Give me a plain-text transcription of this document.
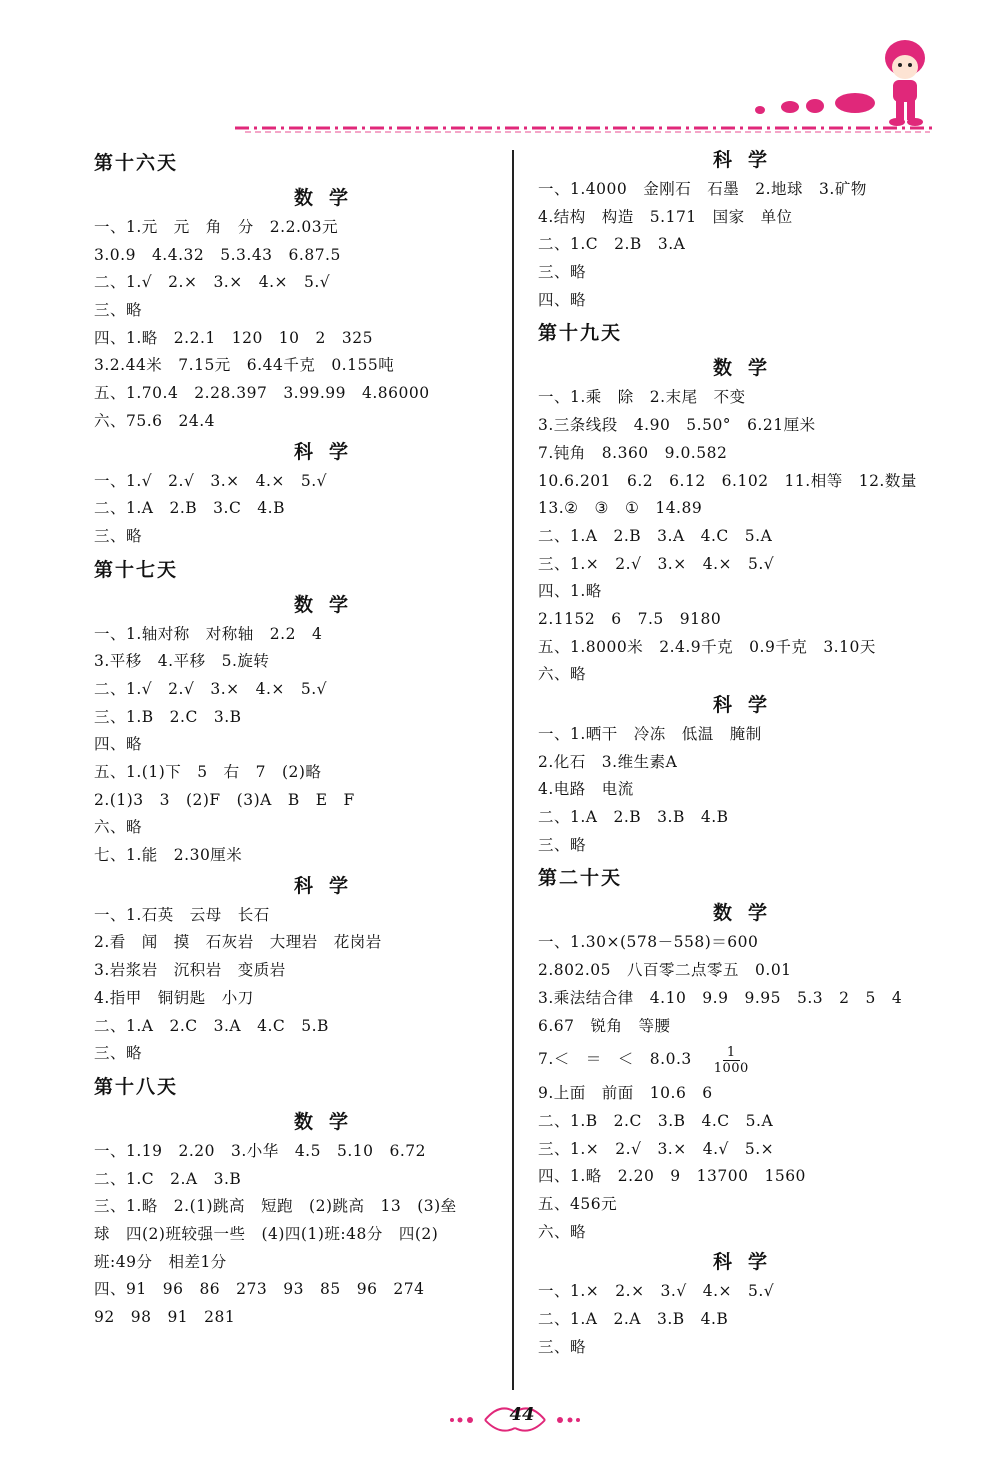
第十六天
数学
一、1.元　元　角　分　2.2.03元
3.0.9　4.4.32　5.3.43　6.87.5
二、1.√　2.×　3.×　4.×　5.√
三、略
四、1.略　2.2.1　120　10　2　325
3.2.44米　7.15元　6.44千克　0.155吨
五、1.70.4　2.28.397　3.99.99　4.86000
六、75.6　24.4
科学
一、1.√　2.√　3.×　4.×　5.√
二、1.A　2.B　3.C　4.B
三、略
第十七天
数学
一、1.轴对称　对称轴　2.2　4
3.平移　4.平移　5.旋转
二、1.√　2.√　3.×　4.×　5.√
三、1.B　2.C　3.B
四、略
五、1.(1)下　5　右　7　(2)略
2.(1)3　3　(2)F　(3)A　B　E　F
六、略
七、1.能　2.30厘米
科学
一、1.石英　云母　长石
2.看　闻　摸　石灰岩　大理岩　花岗岩
3.岩浆岩　沉积岩　变质岩
4.指甲　铜钥匙　小刀
二、1.A　2.C　3.A　4.C　5.B
三、略
第十八天
数学
一、1.19　2.20　3.小华　4.5　5.10　6.72
二、1.C　2.A　3.B
三、1.略　2.(1)跳高　短跑　(2)跳高　13　(3)垒
球　四(2)班较强一些　(4)四(1)班:48分　四(2)
班:49分　相差1分
四、91　96　86　273　93　85　96　274
92　98　91　281
科学
一、1.4000　金刚石　石墨　2.地球　3.矿物
4.结构　构造　5.171　国家　单位
二、1.C　2.B　3.A
三、略
四、略
第十九天
数学
一、1.乘　除　2.末尾　不变
3.三条线段　4.90　5.50°　6.21厘米
7.钝角　8.360　9.0.582
10.6.201　6.2　6.12　6.102　11.相等　12.数量
13.②　③　①　14.89
二、1.A　2.B　3.A　4.C　5.A
三、1.×　2.√　3.×　4.×　5.√
四、1.略
2.1152　6　7.5　9180
五、1.8000米　2.4.9千克　0.9千克　3.10天
六、略
科学
一、1.晒干　冷冻　低温　腌制
2.化石　3.维生素A
4.电路　电流
二、1.A　2.B　3.B　4.B
三、略
第二十天
数学
一、1.30×(578－558)＝600
2.802.05　八百零二点零五　0.01
3.乘法结合律　4.10　9.9　9.95　5.3　2　5　4
6.67　锐角　等腰
7.＜　＝　＜　$8.0.3 \frac{1}{1000}$
9.上面　前面　10.6　6
二、1.B　2.C　3.B　4.C　5.A
三、1.×　2.√　3.×　4.√　5.×
四、1.略　2.20　9　13700　1560
五、456元
六、略
科学
一、1.×　2.×　3.√　4.×　5.√
二、1.A　2.A　3.B　4.B
三、略
44
